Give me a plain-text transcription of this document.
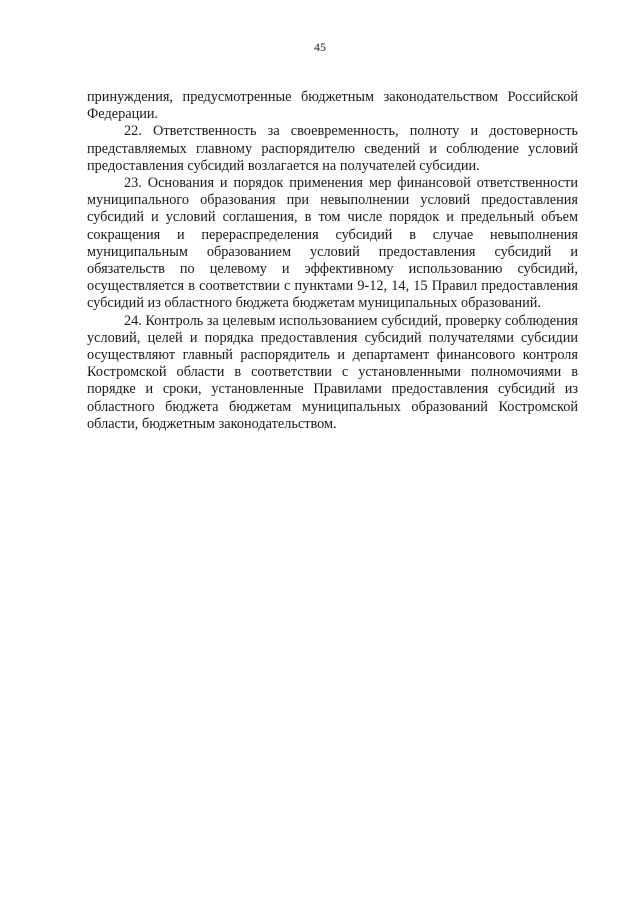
45

принуждения, предусмотренные бюджетным законодательством Российской Федерации.

22. Ответственность за своевременность, полноту и достоверность представляемых главному распорядителю сведений и соблюдение условий предоставления субсидий возлагается на получателей субсидии.

23. Основания и порядок применения мер финансовой ответственности муниципального образования при невыполнении условий предоставления субсидий и условий соглашения, в том числе порядок и предельный объем сокращения и перераспределения субсидий в случае невыполнения муниципальным образованием условий предоставления субсидий и обязательств по целевому и эффективному использованию субсидий, осуществляется в соответствии с пунктами 9-12, 14, 15 Правил предоставления субсидий из областного бюджета бюджетам муниципальных образований.

24. Контроль за целевым использованием субсидий, проверку соблюдения условий, целей и порядка предоставления субсидий получателями субсидии осуществляют главный распорядитель и департамент финансового контроля Костромской области в соответствии с установленными полномочиями в порядке и сроки, установленные Правилами предоставления субсидий из областного бюджета бюджетам муниципальных образований Костромской области, бюджетным законодательством.
